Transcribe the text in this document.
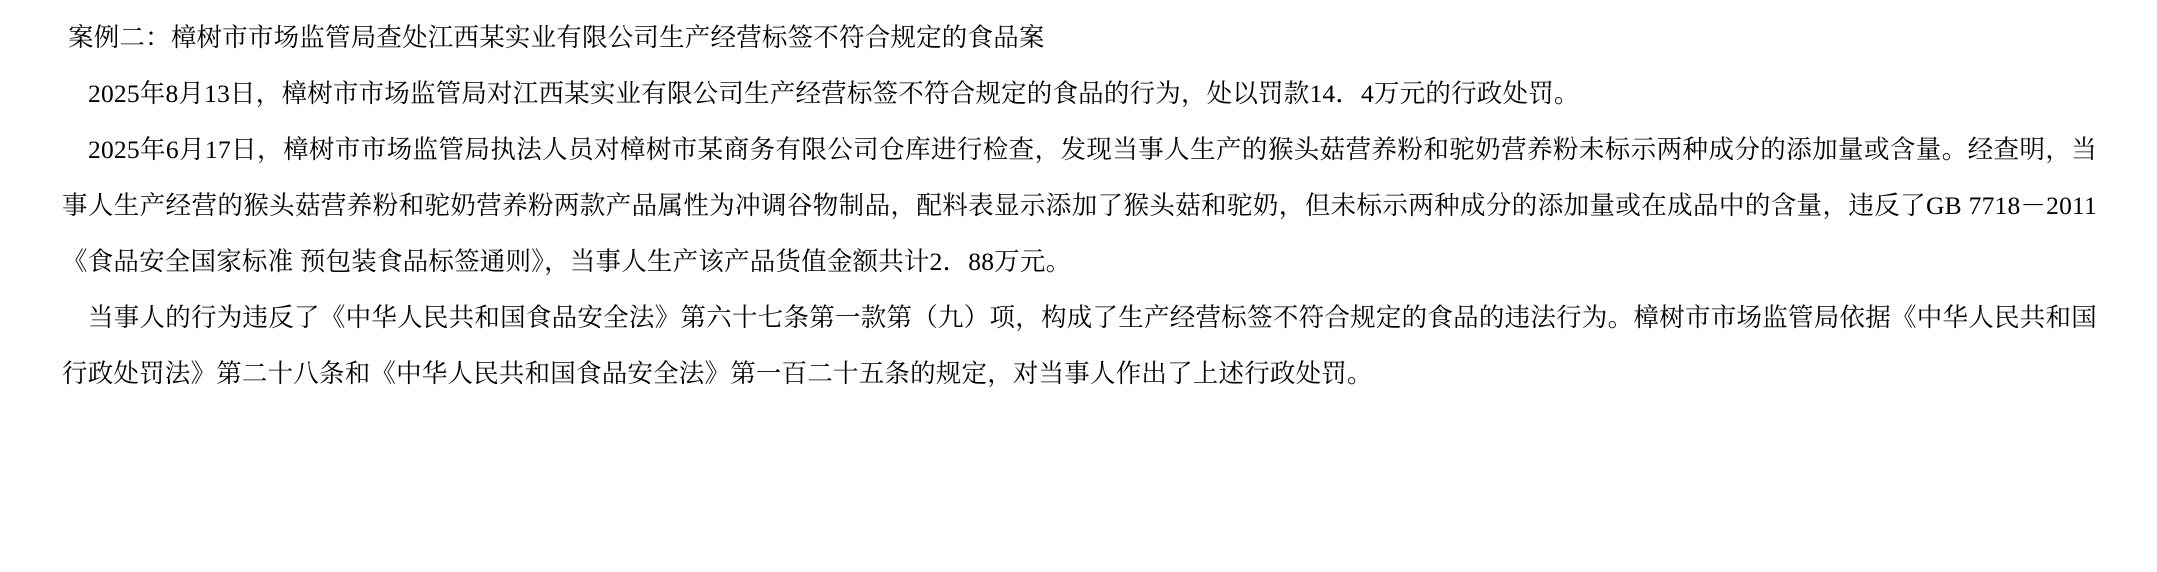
案例二：樟树市市场监管局查处江西某实业有限公司生产经营标签不符合规定的食品案

2025年8月13日，樟树市市场监管局对江西某实业有限公司生产经营标签不符合规定的食品的行为，处以罚款14．4万元的行政处罚。

2025年6月17日，樟树市市场监管局执法人员对樟树市某商务有限公司仓库进行检查，发现当事人生产的猴头菇营养粉和驼奶营养粉未标示两种成分的添加量或含量。经查明，当事人生产经营的猴头菇营养粉和驼奶营养粉两款产品属性为冲调谷物制品，配料表显示添加了猴头菇和驼奶，但未标示两种成分的添加量或在成品中的含量，违反了GB 7718－2011《食品安全国家标准 预包装食品标签通则》，当事人生产该产品货值金额共计2．88万元。

当事人的行为违反了《中华人民共和国食品安全法》第六十七条第一款第（九）项，构成了生产经营标签不符合规定的食品的违法行为。樟树市市场监管局依据《中华人民共和国行政处罚法》第二十八条和《中华人民共和国食品安全法》第一百二十五条的规定，对当事人作出了上述行政处罚。
